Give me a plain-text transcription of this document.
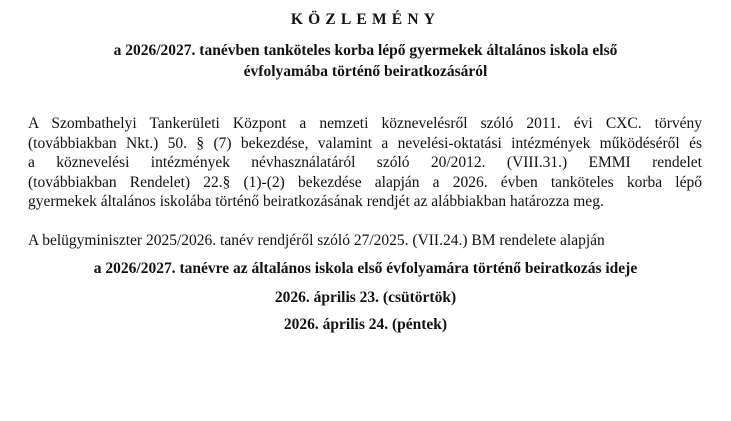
KÖZLEMÉNY
a 2026/2027. tanévben tanköteles korba lépő gyermekek általános iskola első
évfolyamába történő beiratkozásáról
A Szombathelyi Tankerületi Központ a nemzeti köznevelésről szóló 2011. évi CXC. törvény
(továbbiakban Nkt.) 50. § (7) bekezdése, valamint a nevelési-oktatási intézmények működéséről és
a köznevelési intézmények névhasználatáról szóló 20/2012. (VIII.31.) EMMI rendelet
(továbbiakban Rendelet) 22.§ (1)-(2) bekezdése alapján a 2026. évben tanköteles korba lépő
gyermekek általános iskolába történő beiratkozásának rendjét az alábbiakban határozza meg.
A belügyminiszter 2025/2026. tanév rendjéről szóló 27/2025. (VII.24.) BM rendelete alapján
a 2026/2027. tanévre az általános iskola első évfolyamára történő beiratkozás ideje
2026. április 23. (csütörtök)
2026. április 24. (péntek)
